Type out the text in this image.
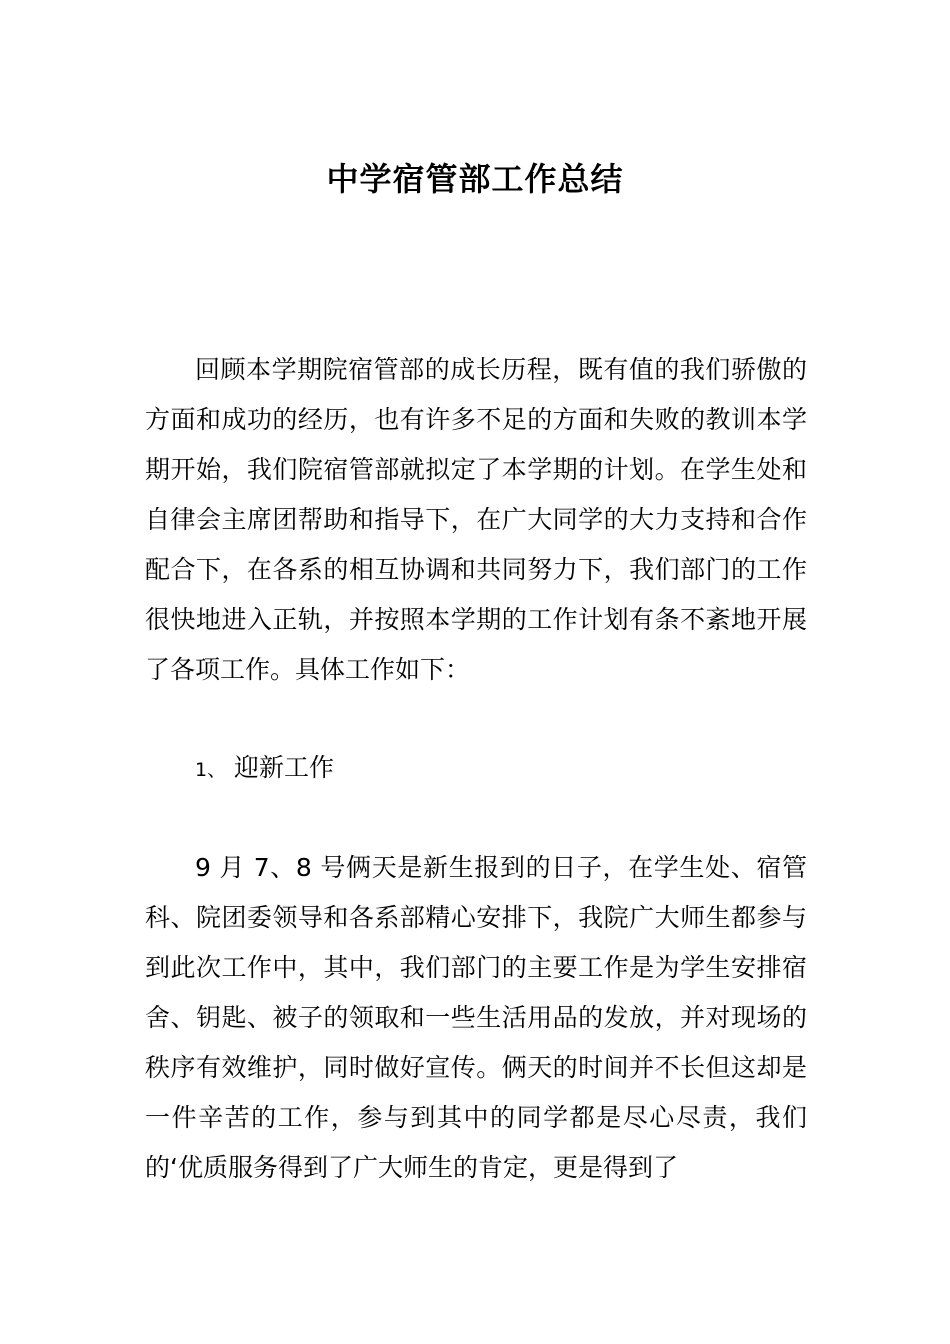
中学宿管部工作总结

回顾本学期院宿管部的成长历程，既有值的我们骄傲的方面和成功的经历，也有许多不足的方面和失败的教训本学期开始，我们院宿管部就拟定了本学期的计划。在学生处和自律会主席团帮助和指导下，在广大同学的大力支持和合作配合下，在各系的相互协调和共同努力下，我们部门的工作很快地进入正轨，并按照本学期的工作计划有条不紊地开展了各项工作。具体工作如下：

1、 迎新工作

9 月 7、8 号俩天是新生报到的日子，在学生处、宿管科、院团委领导和各系部精心安排下，我院广大师生都参与到此次工作中，其中，我们部门的主要工作是为学生安排宿舍、钥匙、被子的领取和一些生活用品的发放，并对现场的秩序有效维护，同时做好宣传。俩天的时间并不长但这却是一件辛苦的工作，参与到其中的同学都是尽心尽责，我们的‘优质服务得到了广大师生的肯定，更是得到了
